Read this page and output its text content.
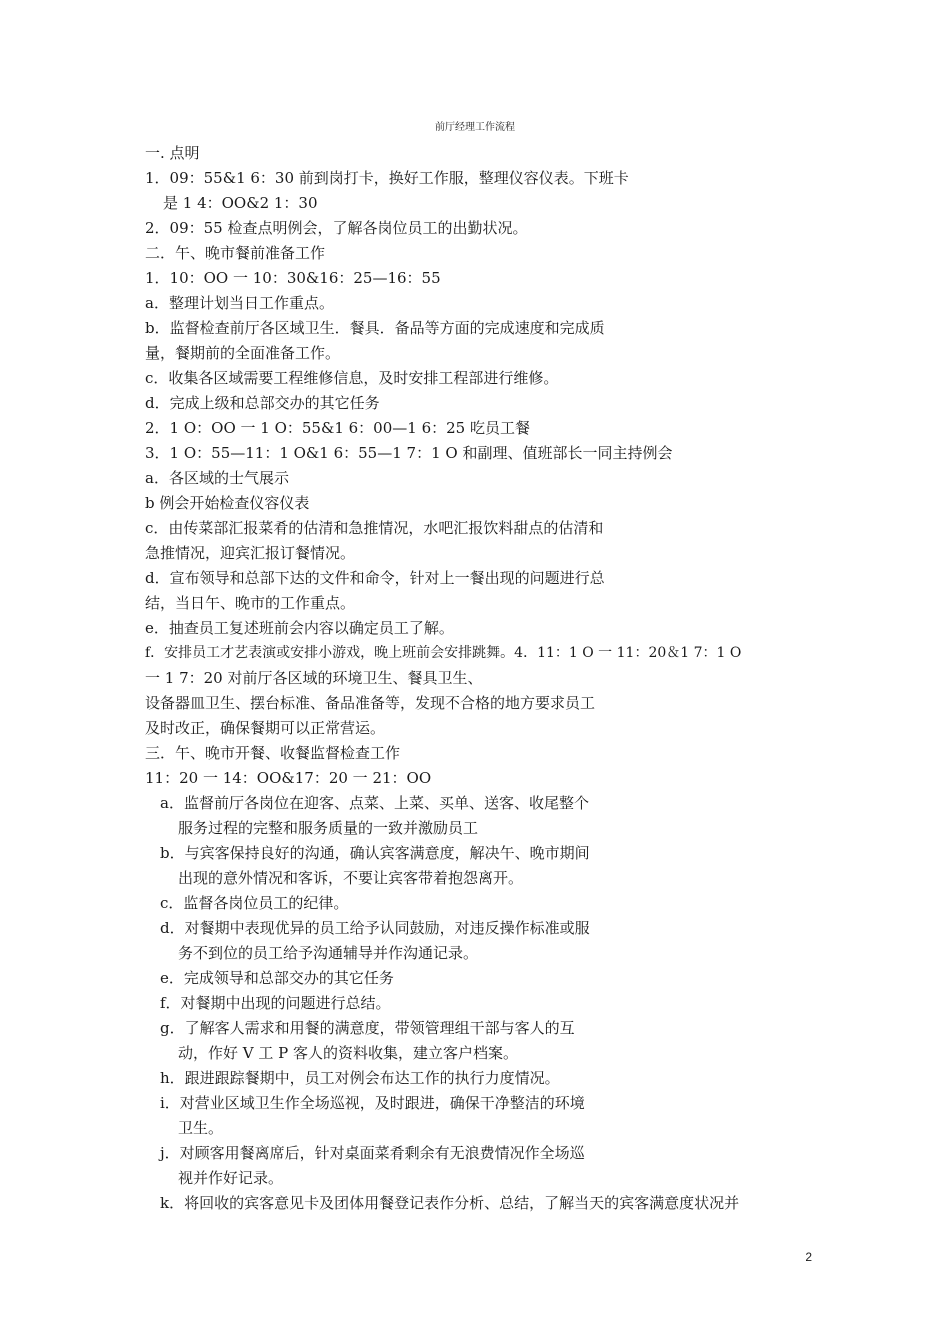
前厅经理工作流程
一. 点明
1．09：55&1 6：30 前到岗打卡，换好工作服，整理仪容仪表。下班卡
是 1 4：OO&2 1：30
2．09：55 检查点明例会，了解各岗位员工的出勤状况。
二．午、晚市餐前准备工作
1．10：OO 一 10：30&16：25—16：55
a．整理计划当日工作重点。
b．监督检查前厅各区域卫生．餐具．备品等方面的完成速度和完成质
量，餐期前的全面准备工作。
c．收集各区域需要工程维修信息，及时安排工程部进行维修。
d．完成上级和总部交办的其它任务
2．1 O：OO 一 1 O：55&1 6：00—1 6：25 吃员工餐
3．1 O：55—11：1 O&1 6：55—1 7：1 O 和副理、值班部长一同主持例会
a．各区域的士气展示
b 例会开始检查仪容仪表
c．由传菜部汇报菜肴的估清和急推情况，水吧汇报饮料甜点的估清和
急推情况，迎宾汇报订餐情况。
d．宣布领导和总部下达的文件和命令，针对上一餐出现的问题进行总
结，当日午、晚市的工作重点。
e．抽查员工复述班前会内容以确定员工了解。
f．安排员工才艺表演或安排小游戏，晚上班前会安排跳舞。4．11：1 O 一 11：20＆1 7：1 O
一 1 7：20 对前厅各区域的环境卫生、餐具卫生、
设备器皿卫生、摆台标准、备品准备等，发现不合格的地方要求员工
及时改正，确保餐期可以正常营运。
三．午、晚市开餐、收餐监督检查工作
11：20 一 14：OO&17：20 一 21：OO
a．监督前厅各岗位在迎客、点菜、上菜、买单、送客、收尾整个
服务过程的完整和服务质量的一致并激励员工
b．与宾客保持良好的沟通，确认宾客满意度，解决午、晚市期间
出现的意外情况和客诉，不要让宾客带着抱怨离开。
c．监督各岗位员工的纪律。
d．对餐期中表现优异的员工给予认同鼓励，对违反操作标准或服
务不到位的员工给予沟通辅导并作沟通记录。
e．完成领导和总部交办的其它任务
f．对餐期中出现的问题进行总结。
g．了解客人需求和用餐的满意度，带领管理组干部与客人的互
动，作好 V 工 P 客人的资料收集，建立客户档案。
h．跟进跟踪餐期中，员工对例会布达工作的执行力度情况。
i．对营业区域卫生作全场巡视，及时跟进，确保干净整洁的环境
卫生。
j．对顾客用餐离席后，针对桌面菜肴剩余有无浪费情况作全场巡
视并作好记录。
k．将回收的宾客意见卡及团体用餐登记表作分析、总结，了解当天的宾客满意度状况并
2
